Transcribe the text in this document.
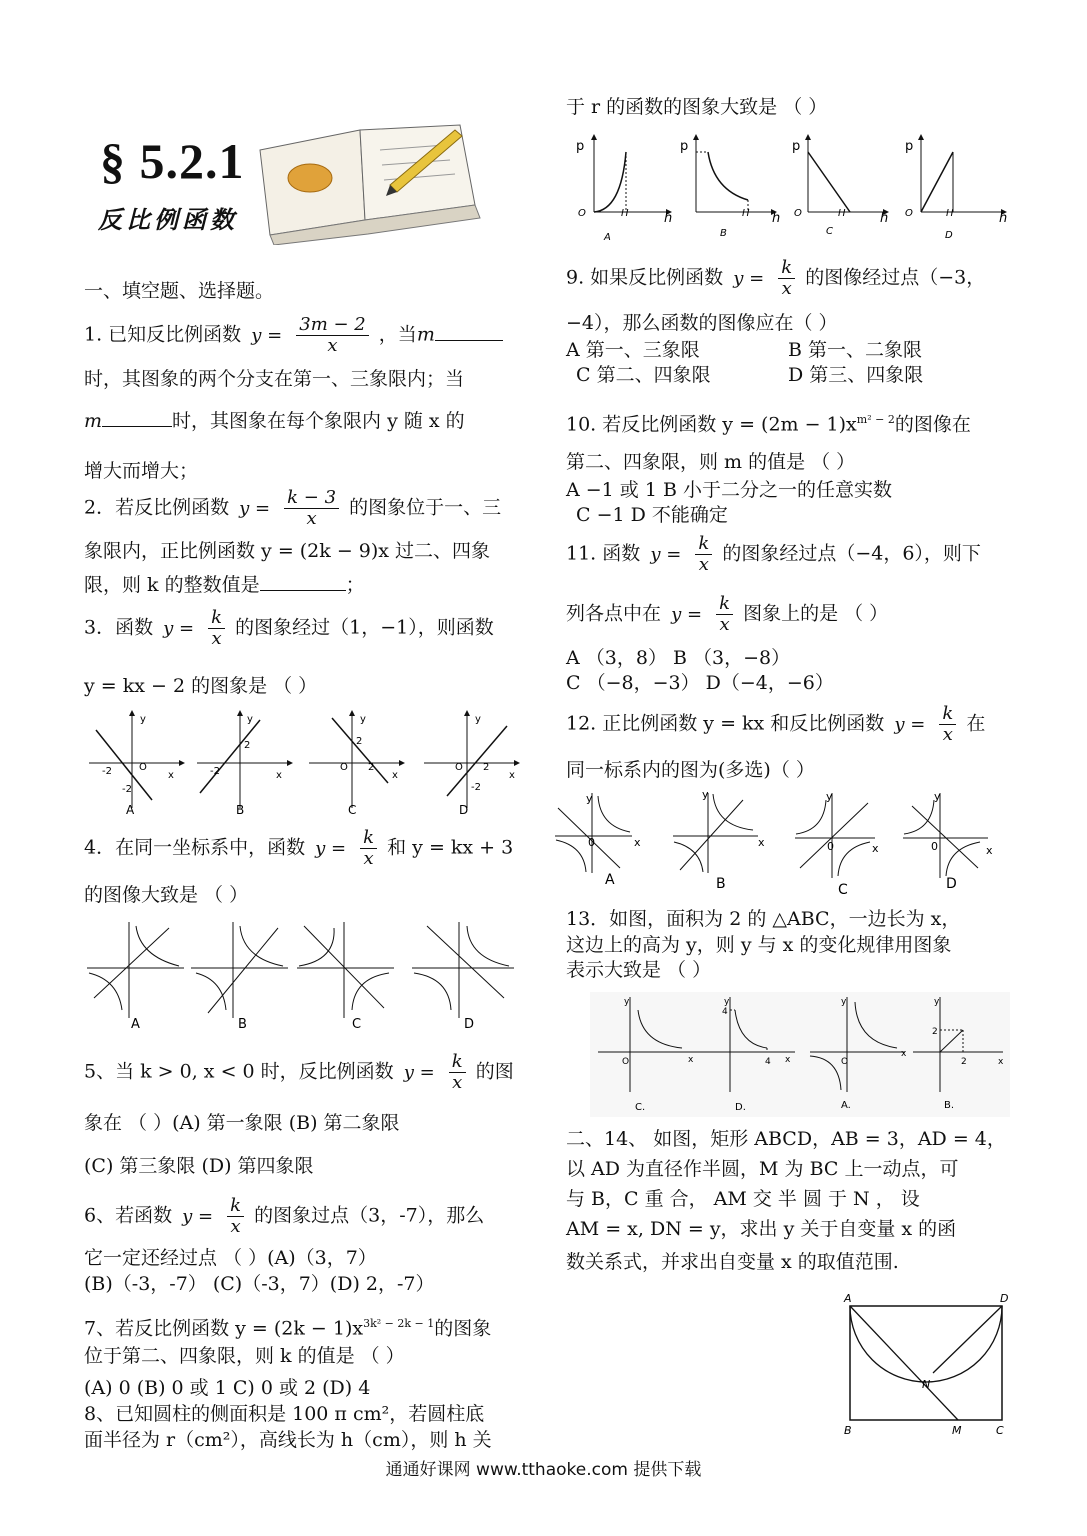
§ 5.2.1
反比例函数
一、填空题、选择题。
1. 已知反比例函数 $y = \frac{3m - 2}{x}$ ，当m
时，其图象的两个分支在第一、三象限内；当
m	时，其图象在每个象限内 y 随 x 的
增大而增大；
2．若反比例函数 $y = \frac{k - 3}{x}$ 的图象位于一、三
象限内，正比例函数 y = (2k − 9)x 过二、四象
限，则 k 的整数值是	；
3．函数 $y = \frac{k}{x}$ 的图象经过（1，−1），则函数
y = kx − 2 的图象是 （ ）
-2
-2
O
x
y
A
-2
2
x
y
B
2
O 2
x
y
C
O 2
-2
x
y
D
4．在同一坐标系中，函数 $y = \frac{k}{x}$ 和 y = kx + 3
的图像大致是 （ ）
A	B	C	D
5、当 k > 0, x < 0 时，反比例函数 $y = \frac{k}{x}$ 的图
象在 （ ）(A) 第一象限 (B) 第二象限
(C) 第三象限 (D) 第四象限
6、若函数 $y = \frac{k}{x}$ 的图象过点（3，-7），那么
它一定还经过点 （ ）(A)（3，7）
(B)（-3，-7） (C)（-3，7）(D) 2，-7）
7、若反比例函数 $y = (2k - 1)x^{3k^2 - 2k - 1}$的图象
位于第二、四象限，则 k 的值是 （ ）
(A) 0 (B) 0 或 1 C) 0 或 2 (D) 4
8、已知圆柱的侧面积是 100 π cm²，若圆柱底
面半径为 r（cm²），高线长为 h（cm），则 h 关
于 r 的函数的图象大致是 （ ）
p
O	H	h
A
p
H h
B
p
O	H	h
C
p
O	H	h
D
9. 如果反比例函数 $y = \frac{k}{x}$ 的图像经过点（−3，
−4），那么函数的图像应在（ ）
A 第一、三象限	B 第一、二象限
C 第二、四象限	D 第三、四象限
10. 若反比例函数 $y = (2m - 1)x^{m^2 - 2}$的图像在
第二、四象限，则 m 的值是 （ ）
A −1 或 1 B 小于二分之一的任意实数
C −1 D 不能确定
11. 函数 $y = \frac{k}{x}$ 的图象经过点（−4，6），则下
列各点中在 $y = \frac{k}{x}$ 图象上的是 （ ）
A （3，8） B （3，−8）
C （−8，−3） D（−4，−6）
12. 正比例函数 y = kx 和反比例函数 $y = \frac{k}{x}$ 在
同一标系内的图为(多选)（ ）
y
x
0
A
y
x
B
y
x
0
C
y
x
0
D
13．如图，面积为 2 的 △ABC，一边长为 x，
这边上的高为 y，则 y 与 x 的变化规律用图象
表示大致是 （ ）
y
O	x
C.
y
4
4 x
D.
y
O
x
A.
y
2
2	x
B.
二、14、 如图，矩形 ABCD，AB = 3，AD = 4，
以 AD 为直径作半圆，M 为 BC 上一动点，可
与 B，C 重 合， AM 交 半 圆 于 N ， 设
AM = x, DN = y，求出 y 关于自变量 x 的函
数关系式，并求出自变量 x 的取值范围.
A	D
B	C
M
N
通通好课网 www.tthaoke.com 提供下载
